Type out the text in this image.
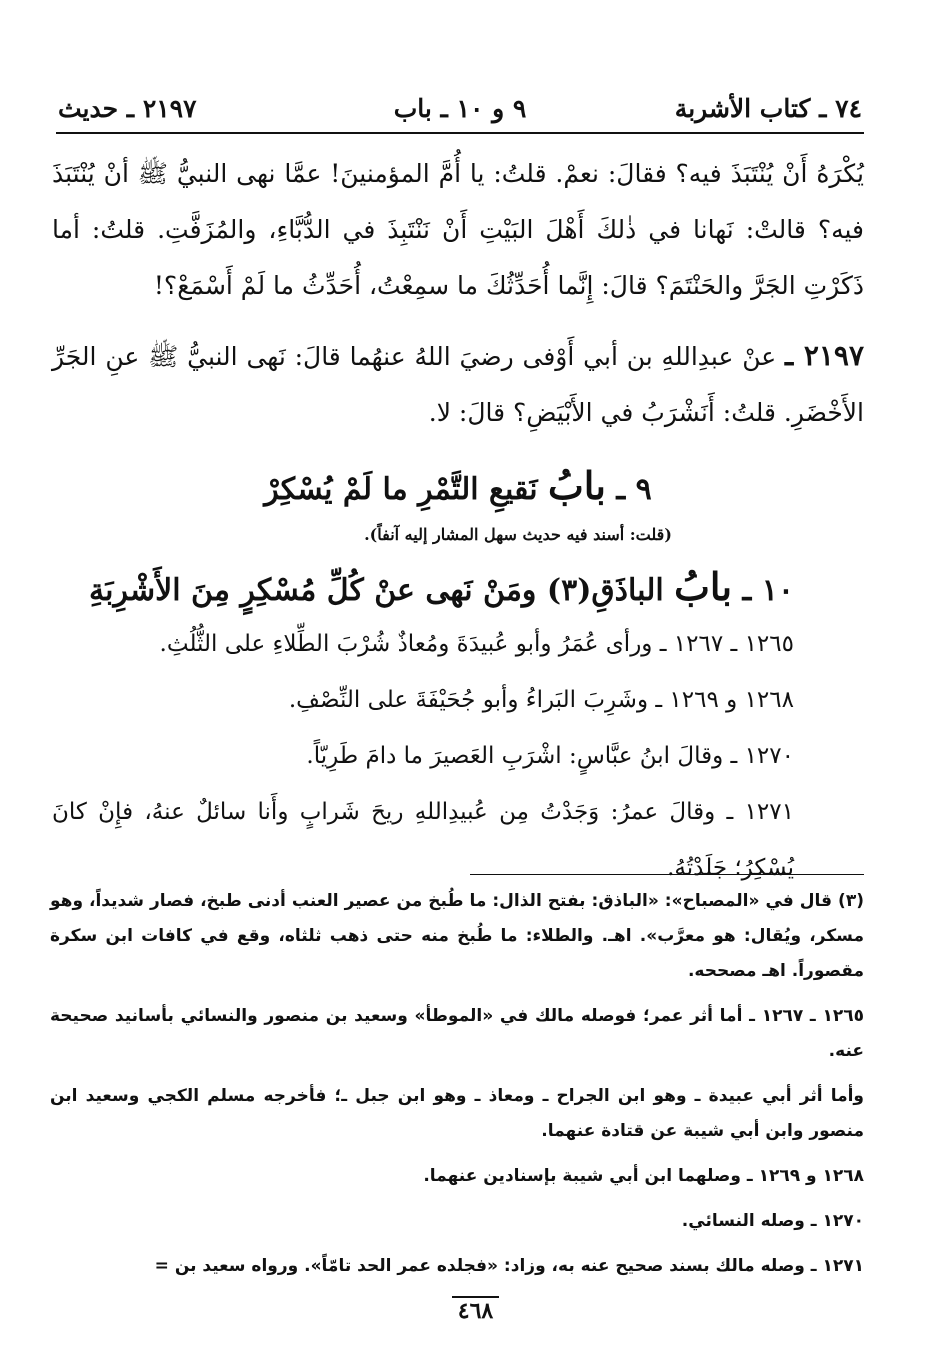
٧٤ ـ كتاب الأشربة
٩ و ١٠ ـ باب
٢١٩٧ ـ حديث

يُكْرَهُ أَنْ يُنْتَبَذَ فيه؟ فقالَ: نعمْ. قلتُ: يا أُمَّ المؤمنينَ! عمَّا نهى النبيُّ ﷺ أنْ يُنْتَبَذَ فيه؟ قالتْ: نَهانا في ذٰلكَ أَهْلَ البَيْتِ أَنْ نَنْتَبِذَ في الدُّبَّاءِ، والمُزَفَّتِ. قلتُ: أما ذَكَرْتِ الجَرَّ والحَنْتَمَ؟ قالَ: إِنَّما أُحَدِّثُكَ ما سمِعْتُ، أُحَدِّثُ ما لَمْ أَسْمَعْ؟!

٢١٩٧ ـ عنْ عبدِاللهِ بن أبي أَوْفى رضيَ اللهُ عنهُما قالَ: نَهى النبيُّ ﷺ عنِ الجَرِّ الأَخْضَرِ. قلتُ: أَنَشْرَبُ في الأَبْيَضِ؟ قالَ: لا.

٩ ـ بابُ نَقيعِ التَّمْرِ ما لَمْ يُسْكِرْ
(قلت: أسند فيه حديث سهل المشار إليه آنفاً).
١٠ ـ بابُ الباذَقِ(٣) ومَنْ نَهى عنْ كُلِّ مُسْكِرٍ مِنَ الأَشْرِبَةِ

١٢٦٥ ـ ١٢٦٧ ـ ورأى عُمَرُ وأبو عُبيدَةَ ومُعاذٌ شُرْبَ الطِّلاءِ على الثُّلُثِ.

١٢٦٨ و ١٢٦٩ ـ وشَرِبَ البَراءُ وأبو جُحَيْفَةَ على النِّصْفِ.

١٢٧٠ ـ وقالَ ابنُ عبَّاسٍ: اشْرَبِ العَصيرَ ما دامَ طَرِيّاً.

١٢٧١ ـ وقالَ عمرُ: وَجَدْتُ مِن عُبيدِاللهِ ريحَ شَرابٍ وأَنا سائلٌ عنهُ، فإِنْ كانَ يُسْكِرُ؛ جَلَدْتُهُ.

(٣) قال في «المصباح»: «الباذق: بفتح الذال: ما طُبخ من عصير العنب أدنى طبخ، فصار شديداً، وهو مسكر، ويُقال: هو معرَّب». اهـ. والطلاء: ما طُبخ منه حتى ذهب ثلثاه، وقع في كافات ابن سكرة مقصوراً. اهـ مصححه.

١٢٦٥ ـ ١٢٦٧ ـ أما أثر عمر؛ فوصله مالك في «الموطأ» وسعيد بن منصور والنسائي بأسانيد صحيحة عنه.

وأما أثر أبي عبيدة ـ وهو ابن الجراح ـ ومعاذ ـ وهو ابن جبل ـ؛ فأخرجه مسلم الكجي وسعيد ابن منصور وابن أبي شيبة عن قتادة عنهما.

١٢٦٨ و ١٢٦٩ ـ وصلهما ابن أبي شيبة بإسنادين عنهما.

١٢٧٠ ـ وصله النسائي.

١٢٧١ ـ وصله مالك بسند صحيح عنه به، وزاد: «فجلده عمر الحد تامّاً». ورواه سعيد بن =

٤٦٨
